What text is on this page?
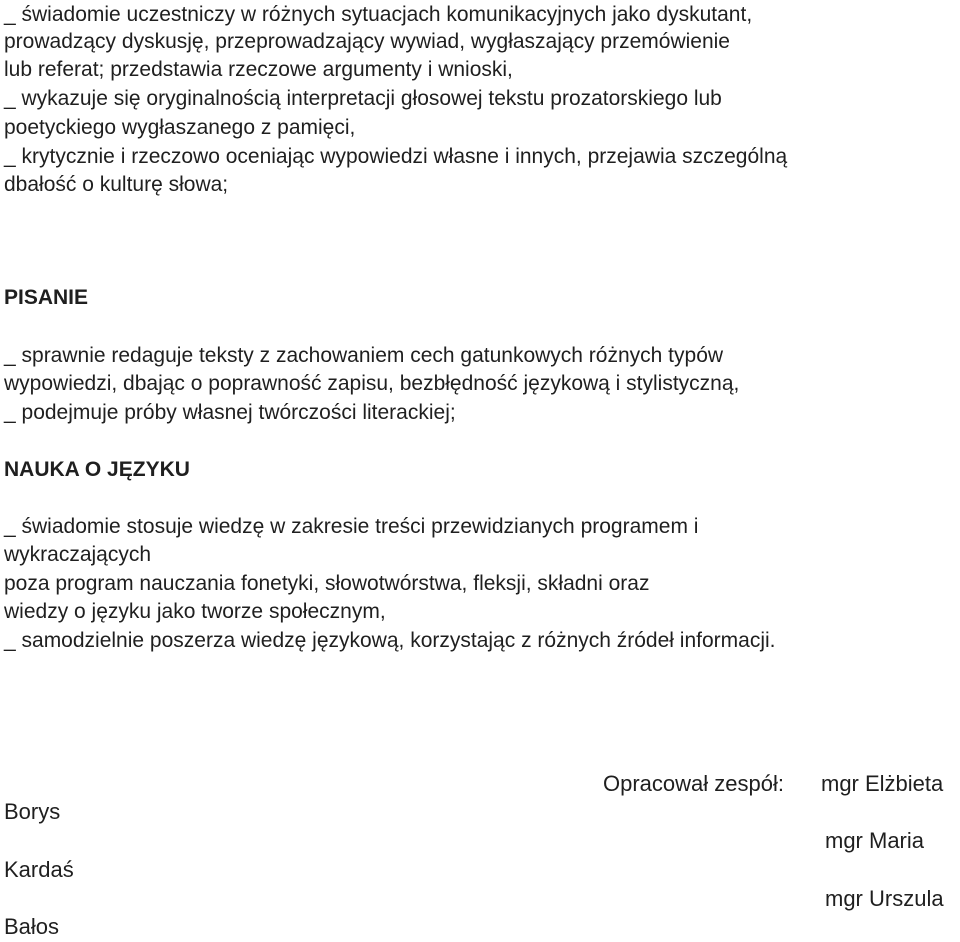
_ świadomie uczestniczy w różnych sytuacjach komunikacyjnych jako dyskutant,
prowadzący dyskusję, przeprowadzający wywiad, wygłaszający przemówienie
lub referat; przedstawia rzeczowe argumenty i wnioski,
_ wykazuje się oryginalnością interpretacji głosowej tekstu prozatorskiego lub
poetyckiego wygłaszanego z pamięci,
_ krytycznie i rzeczowo oceniając wypowiedzi własne i innych, przejawia szczególną
dbałość o kulturę słowa;
PISANIE
_ sprawnie redaguje teksty z zachowaniem cech gatunkowych różnych typów
wypowiedzi, dbając o poprawność zapisu, bezbłędność językową i stylistyczną,
_ podejmuje próby własnej twórczości literackiej;
NAUKA O JĘZYKU
_ świadomie stosuje wiedzę w zakresie treści przewidzianych programem i
wykraczających
poza program nauczania fonetyki, słowotwórstwa, fleksji, składni oraz
wiedzy o języku jako tworze społecznym,
_ samodzielnie poszerza wiedzę językową, korzystając z różnych źródeł informacji.
Opracował zespół: mgr Elżbieta
Borys
mgr Maria
Kardaś
mgr Urszula
Bałos
